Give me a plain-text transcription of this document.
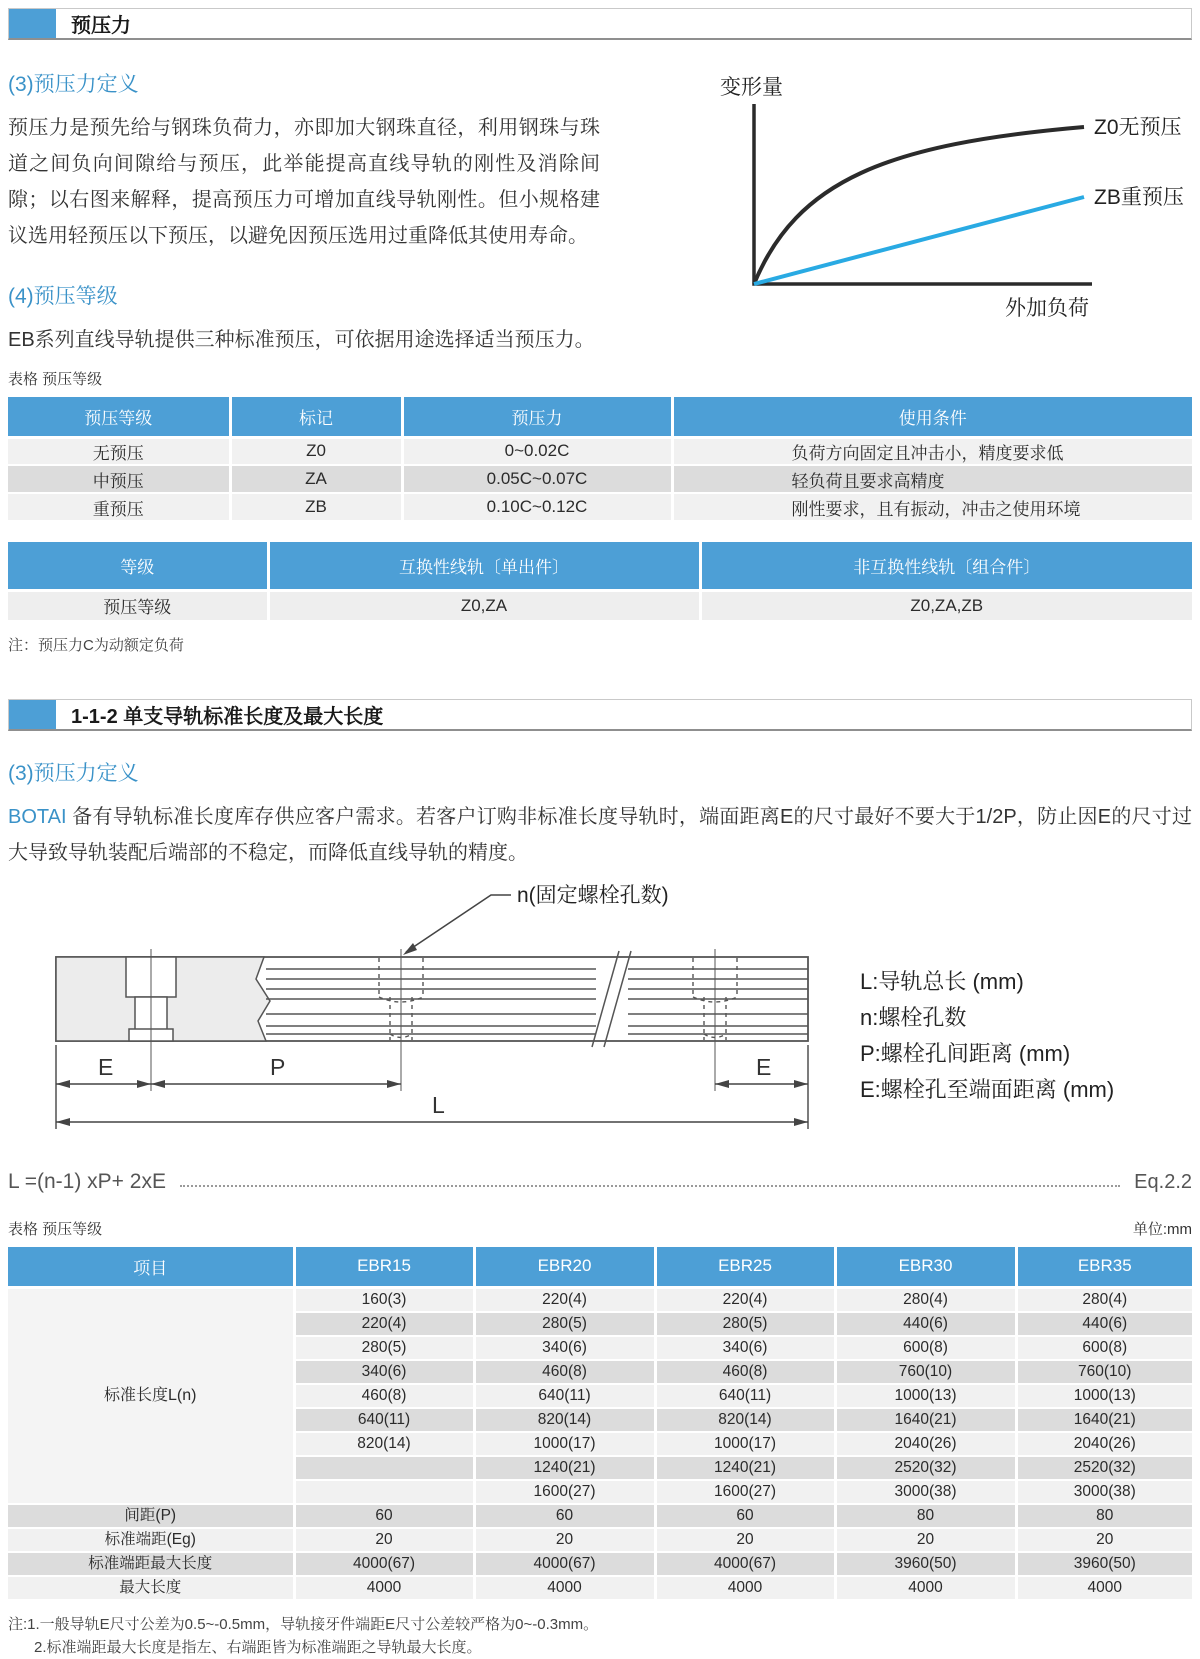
预压力
(3)预压力定义

预压力是预先给与钢珠负荷力，亦即加大钢珠直径，利用钢珠与珠道之间负向间隙给与预压，此举能提高直线导轨的刚性及消除间隙；以右图来解释，提高预压力可增加直线导轨刚性。但小规格建议选用轻预压以下预压，以避免因预压选用过重降低其使用寿命。

(4)预压等级

EB系列直线导轨提供三种标准预压，可依据用途选择适当预压力。

变形量
Z0无预压
ZB重预压
外加负荷
表格 预压等级
预压等级	标记	预压力	使用条件
无预压	Z0	0~0.02C	负荷方向固定且冲击小，精度要求低
中预压	ZA	0.05C~0.07C	轻负荷且要求高精度
重预压	ZB	0.10C~0.12C	刚性要求，且有振动，冲击之使用环境
等级	互换性线轨〔单出件〕	非互换性线轨〔组合件〕
预压等级	Z0,ZA	Z0,ZA,ZB
注：预压力C为动额定负荷
1-1-2 单支导轨标准长度及最大长度
(3)预压力定义

BOTAI 备有导轨标准长度库存供应客户需求。若客户订购非标准长度导轨时，端面距离E的尺寸最好不要大于1/2P，防止因E的尺寸过大导致导轨装配后端部的不稳定，而降低直线导轨的精度。

n(固定螺栓孔数)
E	P	E
L
L:导轨总长 (mm)
n:螺栓孔数
P:螺栓孔间距离 (mm)
E:螺栓孔至端面距离 (mm)
L =(n-1) xP+ 2xE	Eq.2.2
表格 预压等级	单位:mm
项目	EBR15	EBR20	EBR25	EBR30	EBR35
标准长度L(n)	160(3)	220(4)	220(4)	280(4)	280(4)
	220(4)	280(5)	280(5)	440(6)	440(6)
	280(5)	340(6)	340(6)	600(8)	600(8)
	340(6)	460(8)	460(8)	760(10)	760(10)
	460(8)	640(11)	640(11)	1000(13)	1000(13)
	640(11)	820(14)	820(14)	1640(21)	1640(21)
	820(14)	1000(17)	1000(17)	2040(26)	2040(26)
		1240(21)	1240(21)	2520(32)	2520(32)
		1600(27)	1600(27)	3000(38)	3000(38)
间距(P)	60	60	60	80	80
标准端距(Eg)	20	20	20	20	20
标准端距最大长度	4000(67)	4000(67)	4000(67)	3960(50)	3960(50)
最大长度	4000	4000	4000	4000	4000
注:1.一般导轨E尺寸公差为0.5~-0.5mm，导轨接牙件端距E尺寸公差较严格为0~-0.3mm。
2.标准端距最大长度是指左、右端距皆为标准端距之导轨最大长度。
